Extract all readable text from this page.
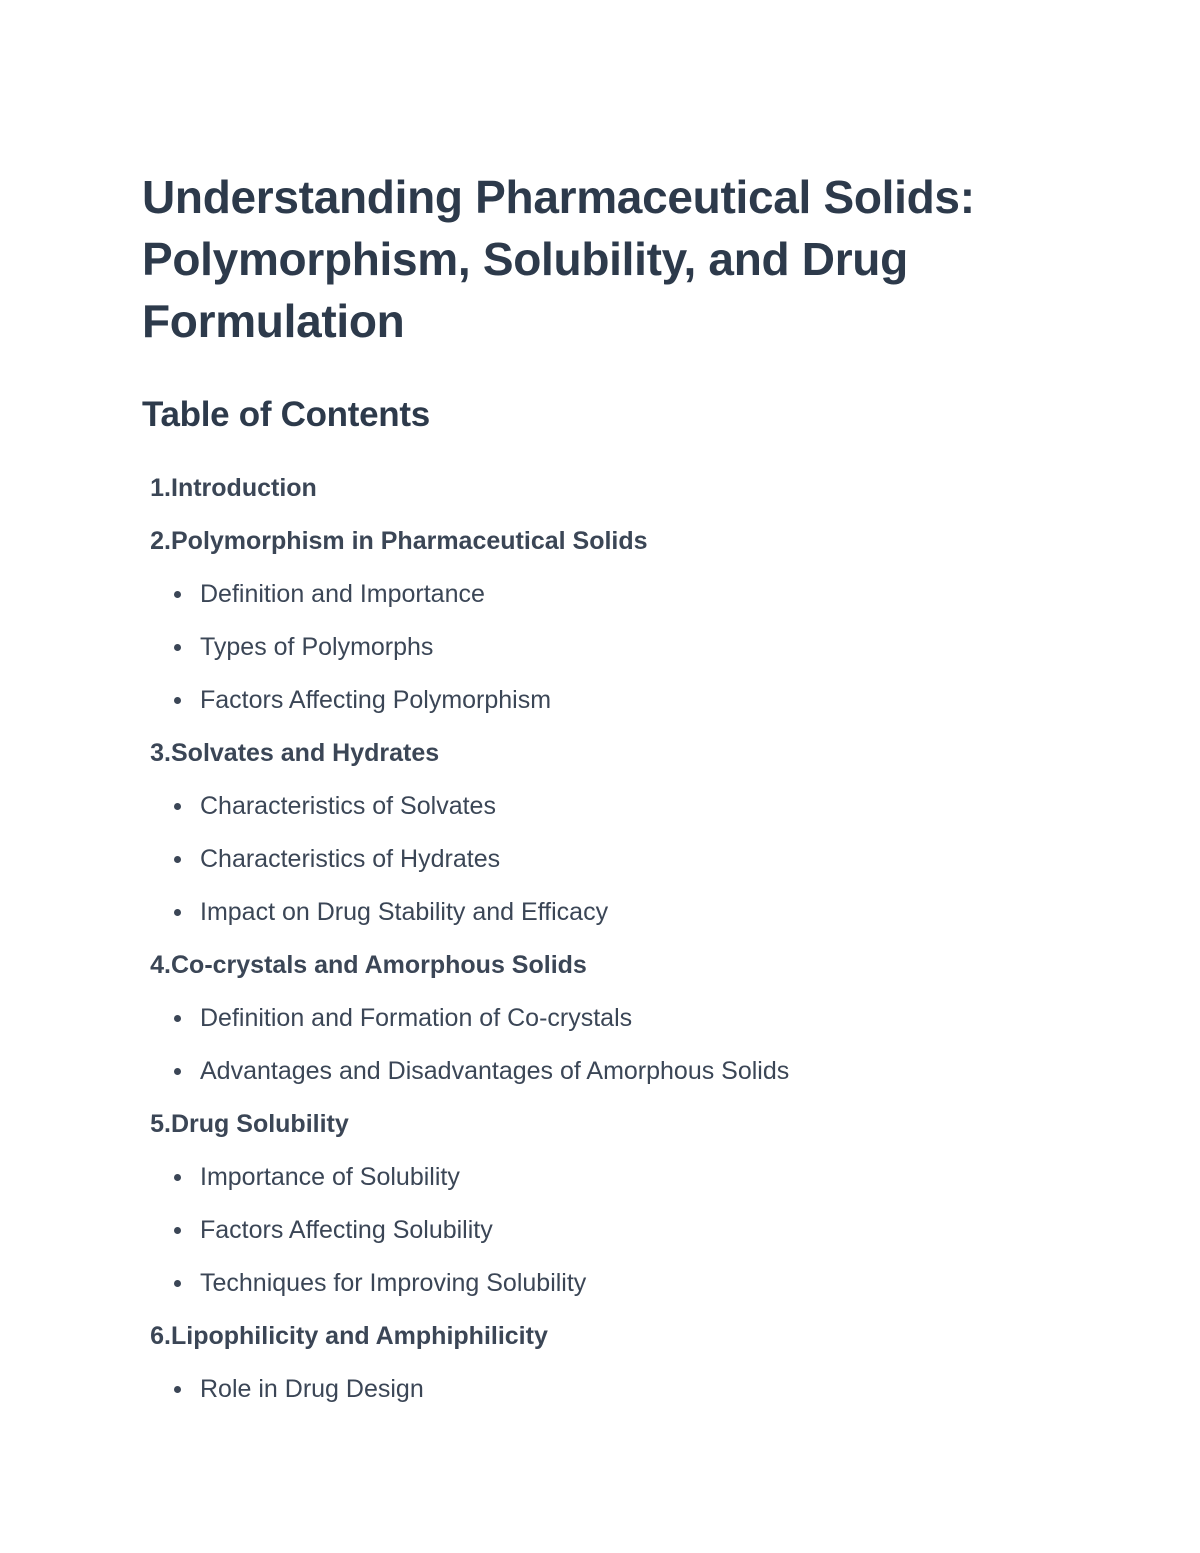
Understanding Pharmaceutical Solids:
Polymorphism, Solubility, and Drug
Formulation
Table of Contents
1. Introduction
2. Polymorphism in Pharmaceutical Solids
Definition and Importance
Types of Polymorphs
Factors Affecting Polymorphism
3. Solvates and Hydrates
Characteristics of Solvates
Characteristics of Hydrates
Impact on Drug Stability and Efficacy
4. Co-crystals and Amorphous Solids
Definition and Formation of Co-crystals
Advantages and Disadvantages of Amorphous Solids
5. Drug Solubility
Importance of Solubility
Factors Affecting Solubility
Techniques for Improving Solubility
6. Lipophilicity and Amphiphilicity
Role in Drug Design
